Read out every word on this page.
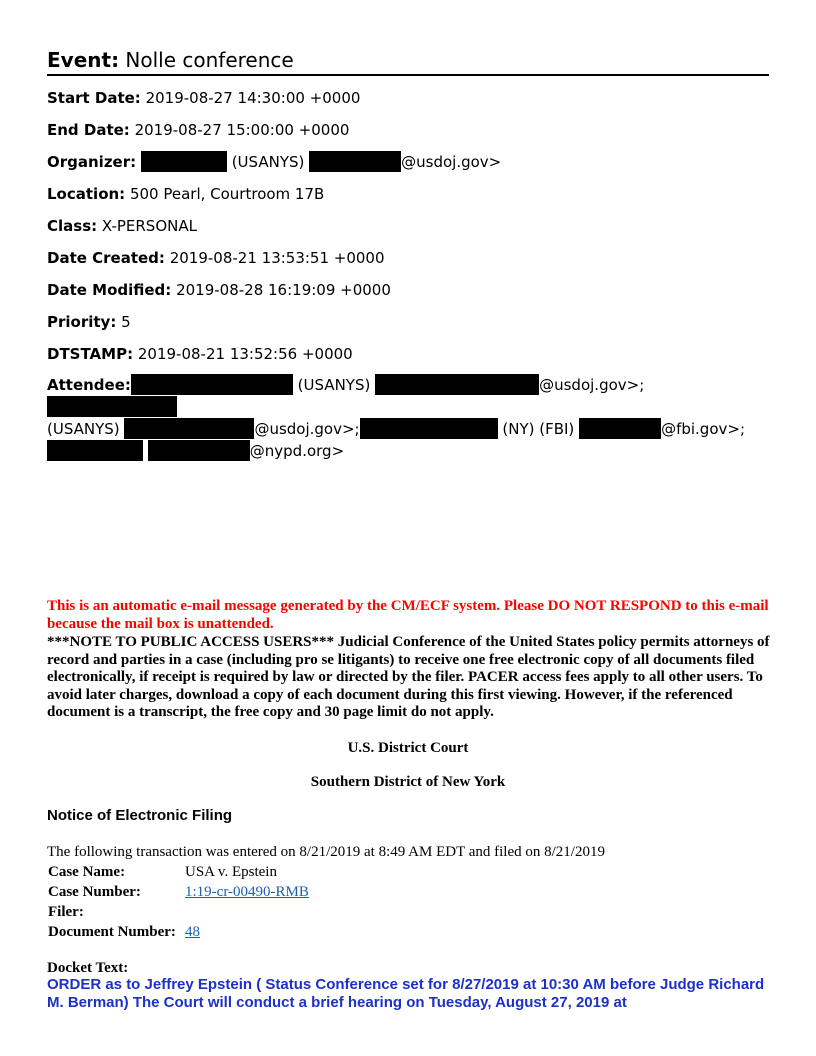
Event: Nolle conference
Start Date: 2019-08-27 14:30:00 +0000
End Date: 2019-08-27 15:00:00 +0000
Organizer:	(USANYS)	@usdoj.gov>
Location: 500 Pearl, Courtroom 17B
Class: X-PERSONAL
Date Created: 2019-08-21 13:53:51 +0000
Date Modified: 2019-08-28 16:19:09 +0000
Priority: 5
DTSTAMP: 2019-08-21 13:52:56 +0000
Attendee:	(USANYS)	@usdoj.gov>;
(USANYS)	@usdoj.gov>;	(NY) (FBI)	@fbi.gov>;
@nypd.org>
This is an automatic e-mail message generated by the CM/ECF system. Please DO NOT RESPOND to this e-mail because the mail box is unattended.
***NOTE TO PUBLIC ACCESS USERS*** Judicial Conference of the United States policy permits attorneys of record and parties in a case (including pro se litigants) to receive one free electronic copy of all documents filed electronically, if receipt is required by law or directed by the filer. PACER access fees apply to all other users. To avoid later charges, download a copy of each document during this first viewing. However, if the referenced document is a transcript, the free copy and 30 page limit do not apply.
U.S. District Court
Southern District of New York
Notice of Electronic Filing
The following transaction was entered on 8/21/2019 at 8:49 AM EDT and filed on 8/21/2019
Case Name:	USA v. Epstein
Case Number:	1:19-cr-00490-RMB
Filer:	
Document Number:	48
Docket Text:
ORDER as to Jeffrey Epstein ( Status Conference set for 8/27/2019 at 10:30 AM before Judge Richard M. Berman) The Court will conduct a brief hearing on Tuesday, August 27, 2019 at
